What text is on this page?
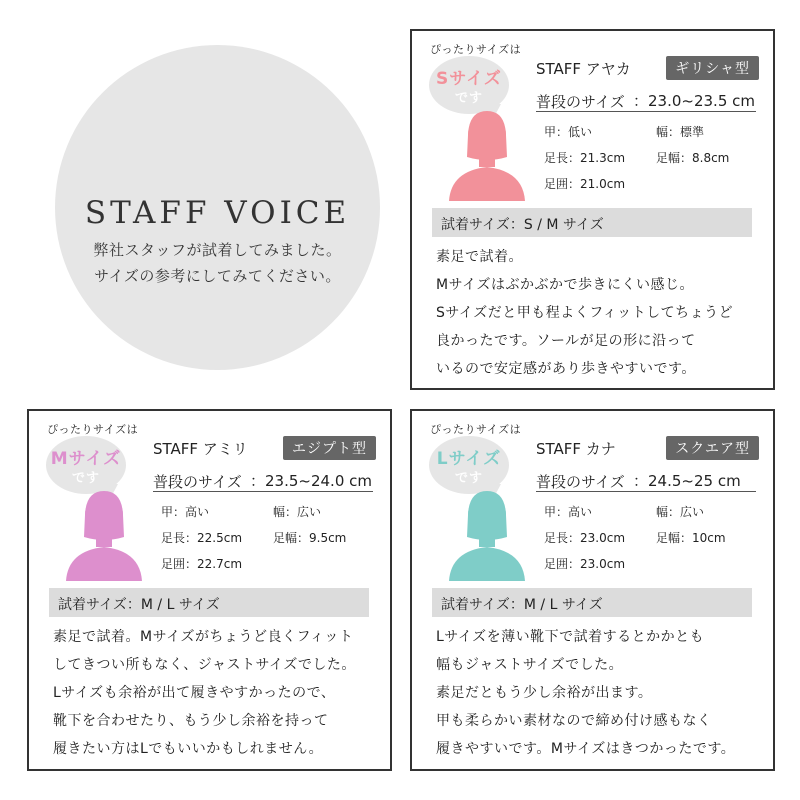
STAFF VOICE
弊社スタッフが試着してみました。
サイズの参考にしてみてください。
ぴったりサイズは
Sサイズ
です
STAFF アヤカ	ギリシャ型
普段のサイズ ：23.0~23.5 cm
甲：低い	幅：標準
足長：21.3cm	足幅：8.8cm
足囲：21.0cm
試着サイズ：S / M サイズ
素足で試着。
Mサイズはぶかぶかで歩きにくい感じ。
Sサイズだと甲も程よくフィットしてちょうど
良かったです。ソールが足の形に沿って
いるので安定感があり歩きやすいです。
ぴったりサイズは
Mサイズ
です
STAFF アミリ	エジプト型
普段のサイズ ：23.5~24.0 cm
甲：高い	幅：広い
足長：22.5cm	足幅：9.5cm
足囲：22.7cm
試着サイズ：M / L サイズ
素足で試着。Mサイズがちょうど良くフィット
してきつい所もなく、ジャストサイズでした。
Lサイズも余裕が出て履きやすかったので、
靴下を合わせたり、もう少し余裕を持って
履きたい方はLでもいいかもしれません。
ぴったりサイズは
Lサイズ
です
STAFF カナ	スクエア型
普段のサイズ ：24.5~25 cm
甲：高い	幅：広い
足長：23.0cm	足幅：10cm
足囲：23.0cm
試着サイズ：M / L サイズ
Lサイズを薄い靴下で試着するとかかとも
幅もジャストサイズでした。
素足だともう少し余裕が出ます。
甲も柔らかい素材なので締め付け感もなく
履きやすいです。Mサイズはきつかったです。
